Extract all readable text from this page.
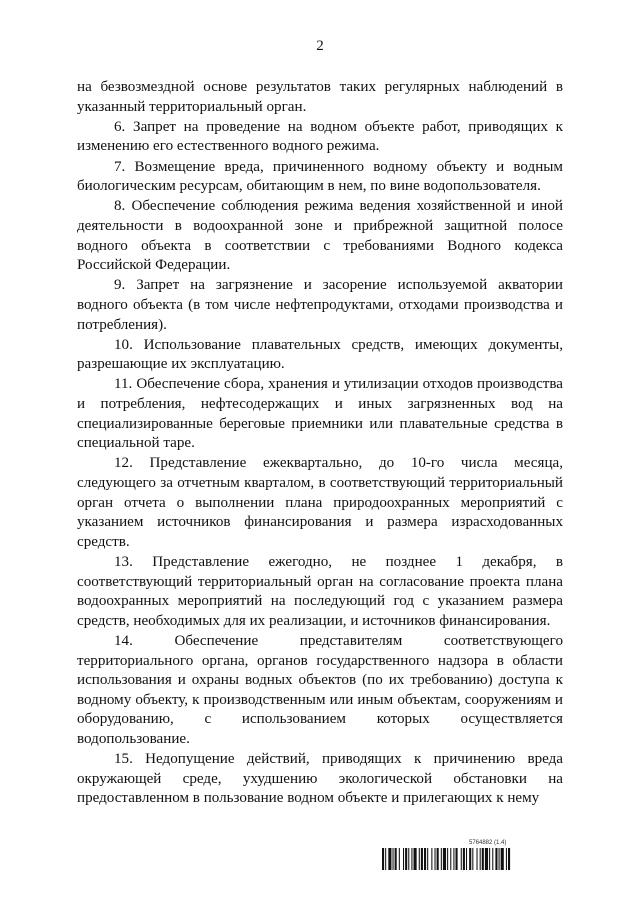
2

на безвозмездной основе результатов таких регулярных наблюдений в указанный территориальный орган.

6. Запрет на проведение на водном объекте работ, приводящих к изменению его естественного водного режима.

7. Возмещение вреда, причиненного водному объекту и водным биологическим ресурсам, обитающим в нем, по вине водопользователя.

8. Обеспечение соблюдения режима ведения хозяйственной и иной деятельности в водоохранной зоне и прибрежной защитной полосе водного объекта в соответствии с требованиями Водного кодекса Российской Федерации.

9. Запрет на загрязнение и засорение используемой акватории водного объекта (в том числе нефтепродуктами, отходами производства и потребления).

10. Использование плавательных средств, имеющих документы, разрешающие их эксплуатацию.

11. Обеспечение сбора, хранения и утилизации отходов производства и потребления, нефтесодержащих и иных загрязненных вод на специализированные береговые приемники или плавательные средства в специальной таре.

12. Представление ежеквартально, до 10-го числа месяца, следующего за отчетным кварталом, в соответствующий территориальный орган отчета о выполнении плана природоохранных мероприятий с указанием источников финансирования и размера израсходованных средств.

13. Представление ежегодно, не позднее 1 декабря, в соответствующий территориальный орган на согласование проекта плана водоохранных мероприятий на последующий год с указанием размера средств, необходимых для их реализации, и источников финансирования.

14. Обеспечение представителям соответствующего территориального органа, органов государственного надзора в области использования и охраны водных объектов (по их требованию) доступа к водному объекту, к производственным или иным объектам, сооружениям и оборудованию, с использованием которых осуществляется водопользование.

15. Недопущение действий, приводящих к причинению вреда окружающей среде, ухудшению экологической обстановки на предоставленном в пользование водном объекте и прилегающих к нему

5764882 (1.4)
